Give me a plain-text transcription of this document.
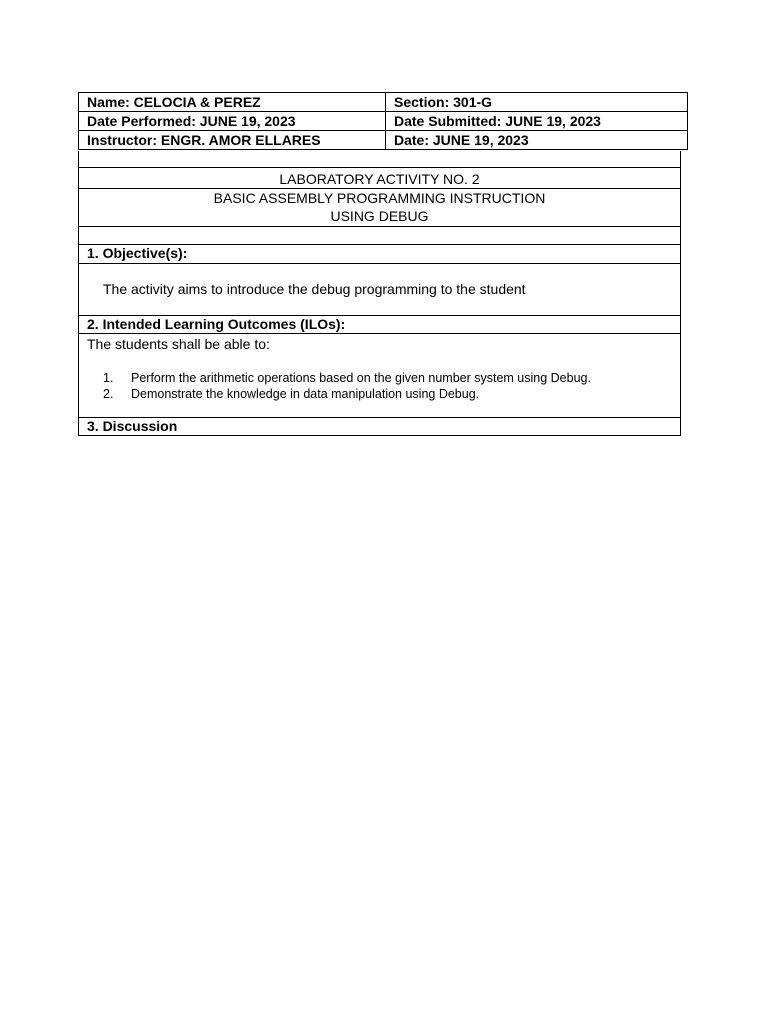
Name: CELOCIA & PEREZ	Section: 301-G
Date Performed: JUNE 19, 2023	Date Submitted: JUNE 19, 2023
Instructor: ENGR. AMOR ELLARES	Date: JUNE 19, 2023
LABORATORY ACTIVITY NO. 2
BASIC ASSEMBLY PROGRAMMING INSTRUCTION
USING DEBUG
1. Objective(s):
The activity aims to introduce the debug programming to the student
2. Intended Learning Outcomes (ILOs):
The students shall be able to:
1. Perform the arithmetic operations based on the given number system using Debug.
2. Demonstrate the knowledge in data manipulation using Debug.
3. Discussion
